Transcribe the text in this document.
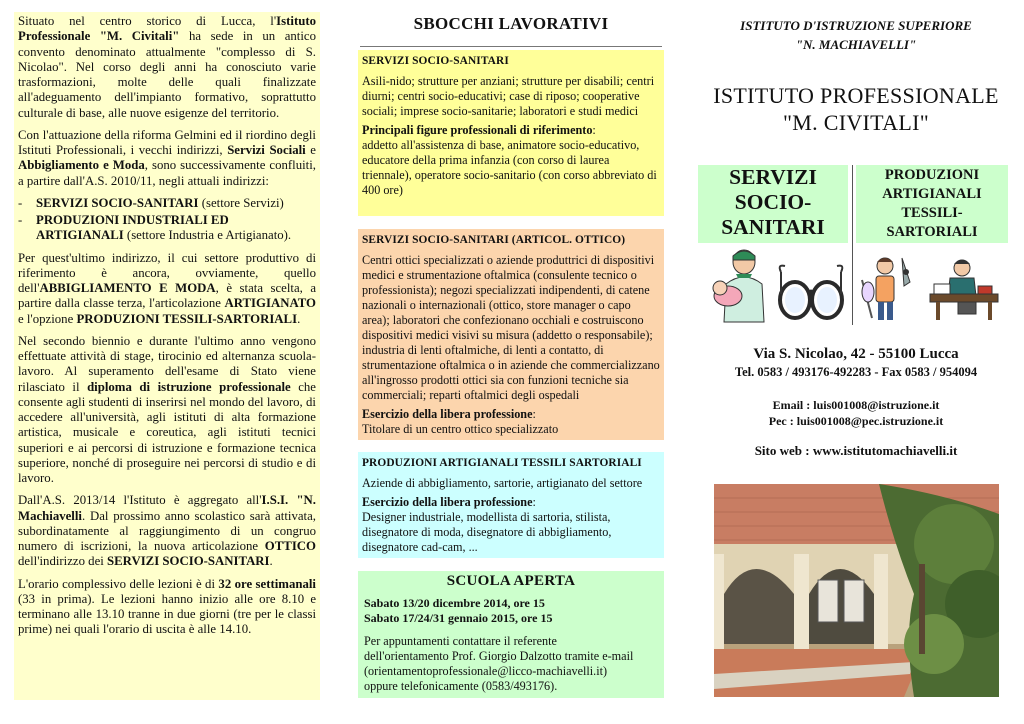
Situato nel centro storico di Lucca, l'Istituto Professionale "M. Civitali" ha sede in un antico convento denominato attualmente "complesso di S. Nicolao". Nel corso degli anni ha conosciuto varie trasformazioni, molte delle quali finalizzate all'adeguamento dell'impianto formativo, soprattutto culturale di base, alle nuove esigenze del territorio.

Con l'attuazione della riforma Gelmini ed il riordino degli Istituti Professionali, i vecchi indirizzi, Servizi Sociali e Abbigliamento e Moda, sono successivamente confluiti, a partire dall'A.S. 2010/11, negli attuali indirizzi:

- SERVIZI SOCIO-SANITARI (settore Servizi)
- PRODUZIONI INDUSTRIALI ED ARTIGIANALI (settore Industria e Artigianato).

Per quest'ultimo indirizzo, il cui settore produttivo di riferimento è ancora, ovviamente, quello dell'ABBIGLIAMENTO E MODA, è stata scelta, a partire dalla classe terza, l'articolazione ARTIGIANATO e l'opzione PRODUZIONI TESSILI-SARTORIALI.

Nel secondo biennio e durante l'ultimo anno vengono effettuate attività di stage, tirocinio ed alternanza scuola-lavoro. Al superamento dell'esame di Stato viene rilasciato il diploma di istruzione professionale che consente agli studenti di inserirsi nel mondo del lavoro, di accedere all'università, agli istituti di alta formazione artistica, musicale e coreutica, agli istituti tecnici superiori e ai percorsi di istruzione e formazione tecnica superiore, nonché di proseguire nei percorsi di studio e di lavoro.

Dall'A.S. 2013/14 l'Istituto è aggregato all'I.S.I. "N. Machiavelli. Dal prossimo anno scolastico sarà attivata, subordinatamente al raggiungimento di un congruo numero di iscrizioni, la nuova articolazione OTTICO dell'indirizzo dei SERVIZI SOCIO-SANITARI.

L'orario complessivo delle lezioni è di 32 ore settimanali (33 in prima). Le lezioni hanno inizio alle ore 8.10 e terminano alle 13.10 tranne in due giorni (tre per le classi prime) nei quali l'orario di uscita è alle 14.10.

SBOCCHI LAVORATIVI
SERVIZI SOCIO-SANITARI

Asili-nido; strutture per anziani; strutture per disabili; centri diurni; centri socio-educativi; case di riposo; cooperative sociali; imprese socio-sanitarie; laboratori e studi medici

Principali figure professionali di riferimento:
addetto all'assistenza di base, animatore socio-educativo, educatore della prima infanzia (con corso di laurea triennale), operatore socio-sanitario (con corso abbreviato di 400 ore)

SERVIZI SOCIO-SANITARI (ARTICOL. OTTICO)

Centri ottici specializzati o aziende produttrici di dispositivi medici e strumentazione oftalmica (consulente tecnico o professionista); negozi specializzati indipendenti, di catene nazionali o internazionali (ottico, store manager o capo area); laboratori che confezionano occhiali e costruiscono dispositivi medici visivi su misura (addetto o responsabile); industria di lenti oftalmiche, di lenti a contatto, di strumentazione oftalmica o in aziende che commercializzano all'ingrosso prodotti ottici sia con funzioni tecniche sia commerciali; reparti oftalmici degli ospedali

Esercizio della libera professione:
Titolare di un centro ottico specializzato

PRODUZIONI ARTIGIANALI TESSILI SARTORIALI

Aziende di abbigliamento, sartorie, artigianato del settore

Esercizio della libera professione:
Designer industriale, modellista di sartoria, stilista, disegnatore di moda, disegnatore di abbigliamento, disegnatore cad-cam, ...

SCUOLA APERTA
Sabato 13/20 dicembre 2014, ore 15
Sabato 17/24/31 gennaio 2015, ore 15
Per appuntamenti contattare il referente
dell'orientamento Prof. Giorgio Dalzotto tramite e-mail
(orientamentoprofessionale@licco-machiavelli.it)
oppure telefonicamente (0583/493176).
ISTITUTO D'ISTRUZIONE SUPERIORE
"N. MACHIAVELLI"
ISTITUTO PROFESSIONALE
"M. CIVITALI"
SERVIZI
SOCIO-
SANITARI
PRODUZIONI
ARTIGIANALI
TESSILI-
SARTORIALI
Via S. Nicolao, 42 - 55100 Lucca
Tel. 0583 / 493176-492283 - Fax 0583 / 954094
Email : luis001008@istruzione.it
Pec : luis001008@pec.istruzione.it
Sito web : www.istitutomachiavelli.it
